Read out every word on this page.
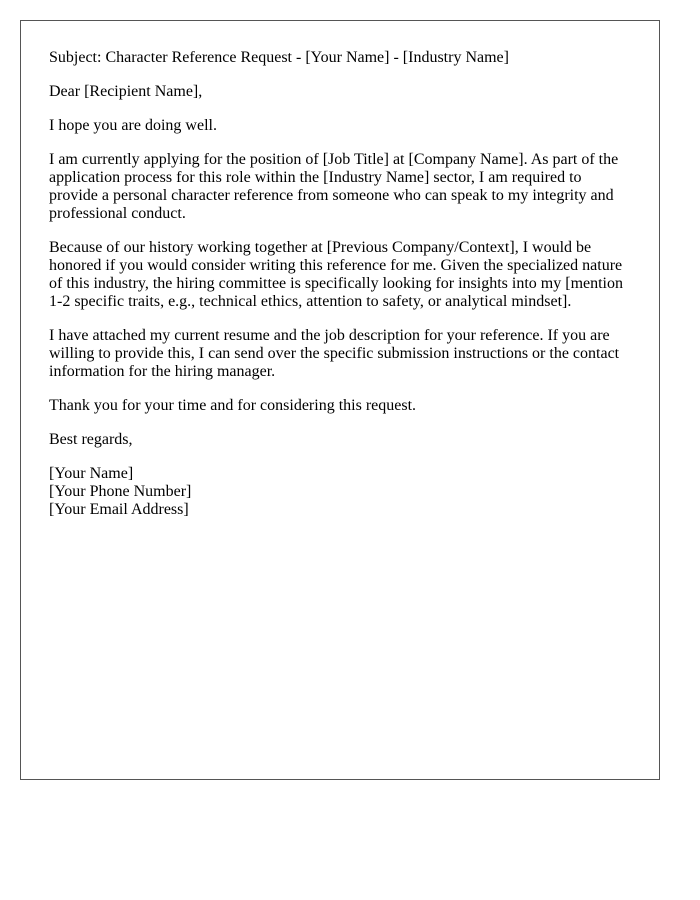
Subject: Character Reference Request - [Your Name] - [Industry Name]

Dear [Recipient Name],

I hope you are doing well.

I am currently applying for the position of [Job Title] at [Company Name]. As part of the
application process for this role within the [Industry Name] sector, I am required to
provide a personal character reference from someone who can speak to my integrity and
professional conduct.

Because of our history working together at [Previous Company/Context], I would be
honored if you would consider writing this reference for me. Given the specialized nature
of this industry, the hiring committee is specifically looking for insights into my [mention
1-2 specific traits, e.g., technical ethics, attention to safety, or analytical mindset].

I have attached my current resume and the job description for your reference. If you are
willing to provide this, I can send over the specific submission instructions or the contact
information for the hiring manager.

Thank you for your time and for considering this request.

Best regards,

[Your Name]
[Your Phone Number]
[Your Email Address]
